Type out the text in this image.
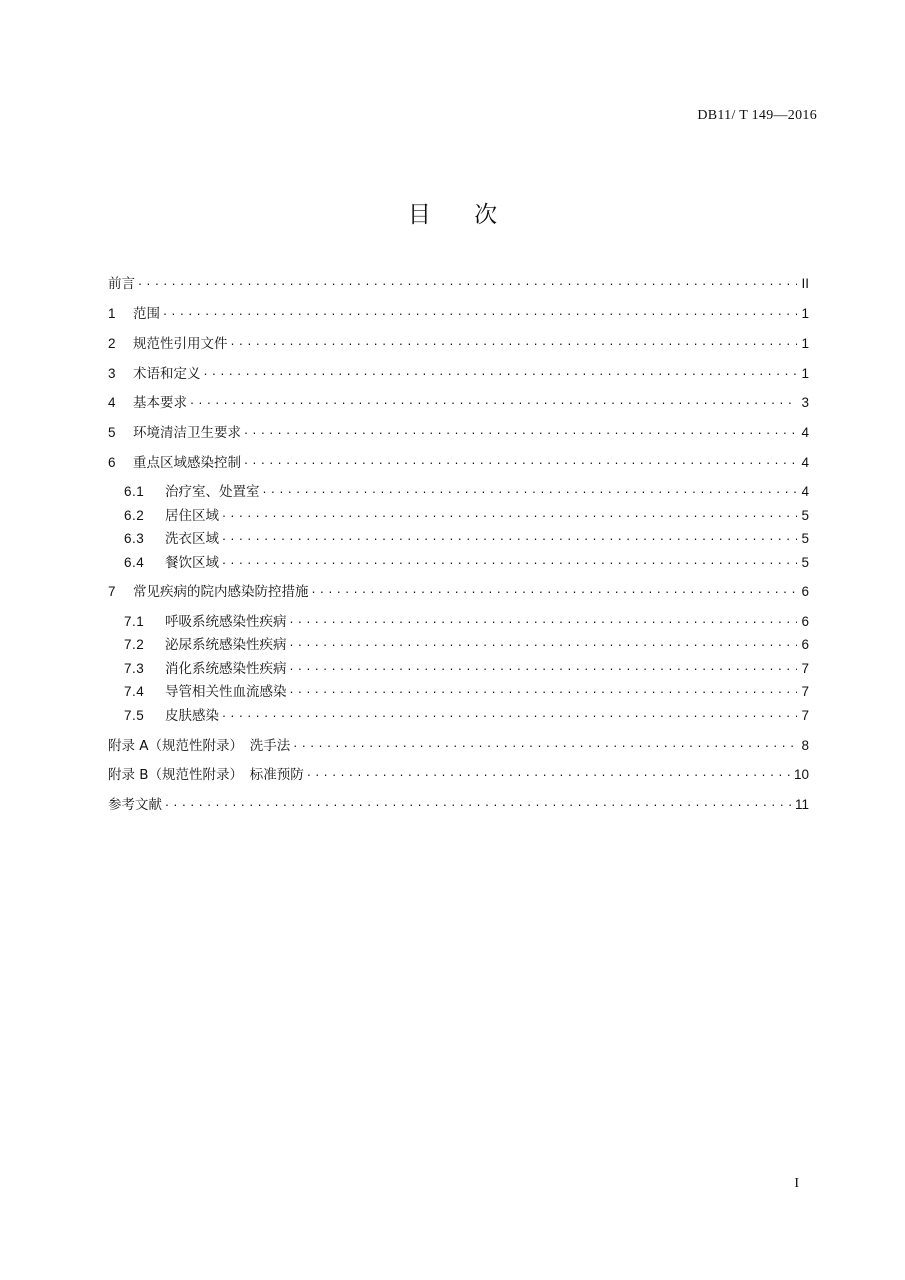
DB11/ T 149—2016
目 次
前言 .....	II
1	范围 .....	1
2	规范性引用文件 .....	1
3	术语和定义 .....	1
4	基本要求 .....	3
5	环境清洁卫生要求 .....	4
6	重点区域感染控制 .....	4
6.1	治疗室、处置室 .....	4
6.2	居住区域 .....	5
6.3	洗衣区域 .....	5
6.4	餐饮区域 .....	5
7	常见疾病的院内感染防控措施 .....	6
7.1	呼吸系统感染性疾病 .....	6
7.2	泌尿系统感染性疾病 .....	6
7.3	消化系统感染性疾病 .....	7
7.4	导管相关性血流感染 .....	7
7.5	皮肤感染 .....	7
附录 A（规范性附录）　洗手法 .....	8
附录 B（规范性附录）　标准预防 .....	10
参考文献 .....	11
I
